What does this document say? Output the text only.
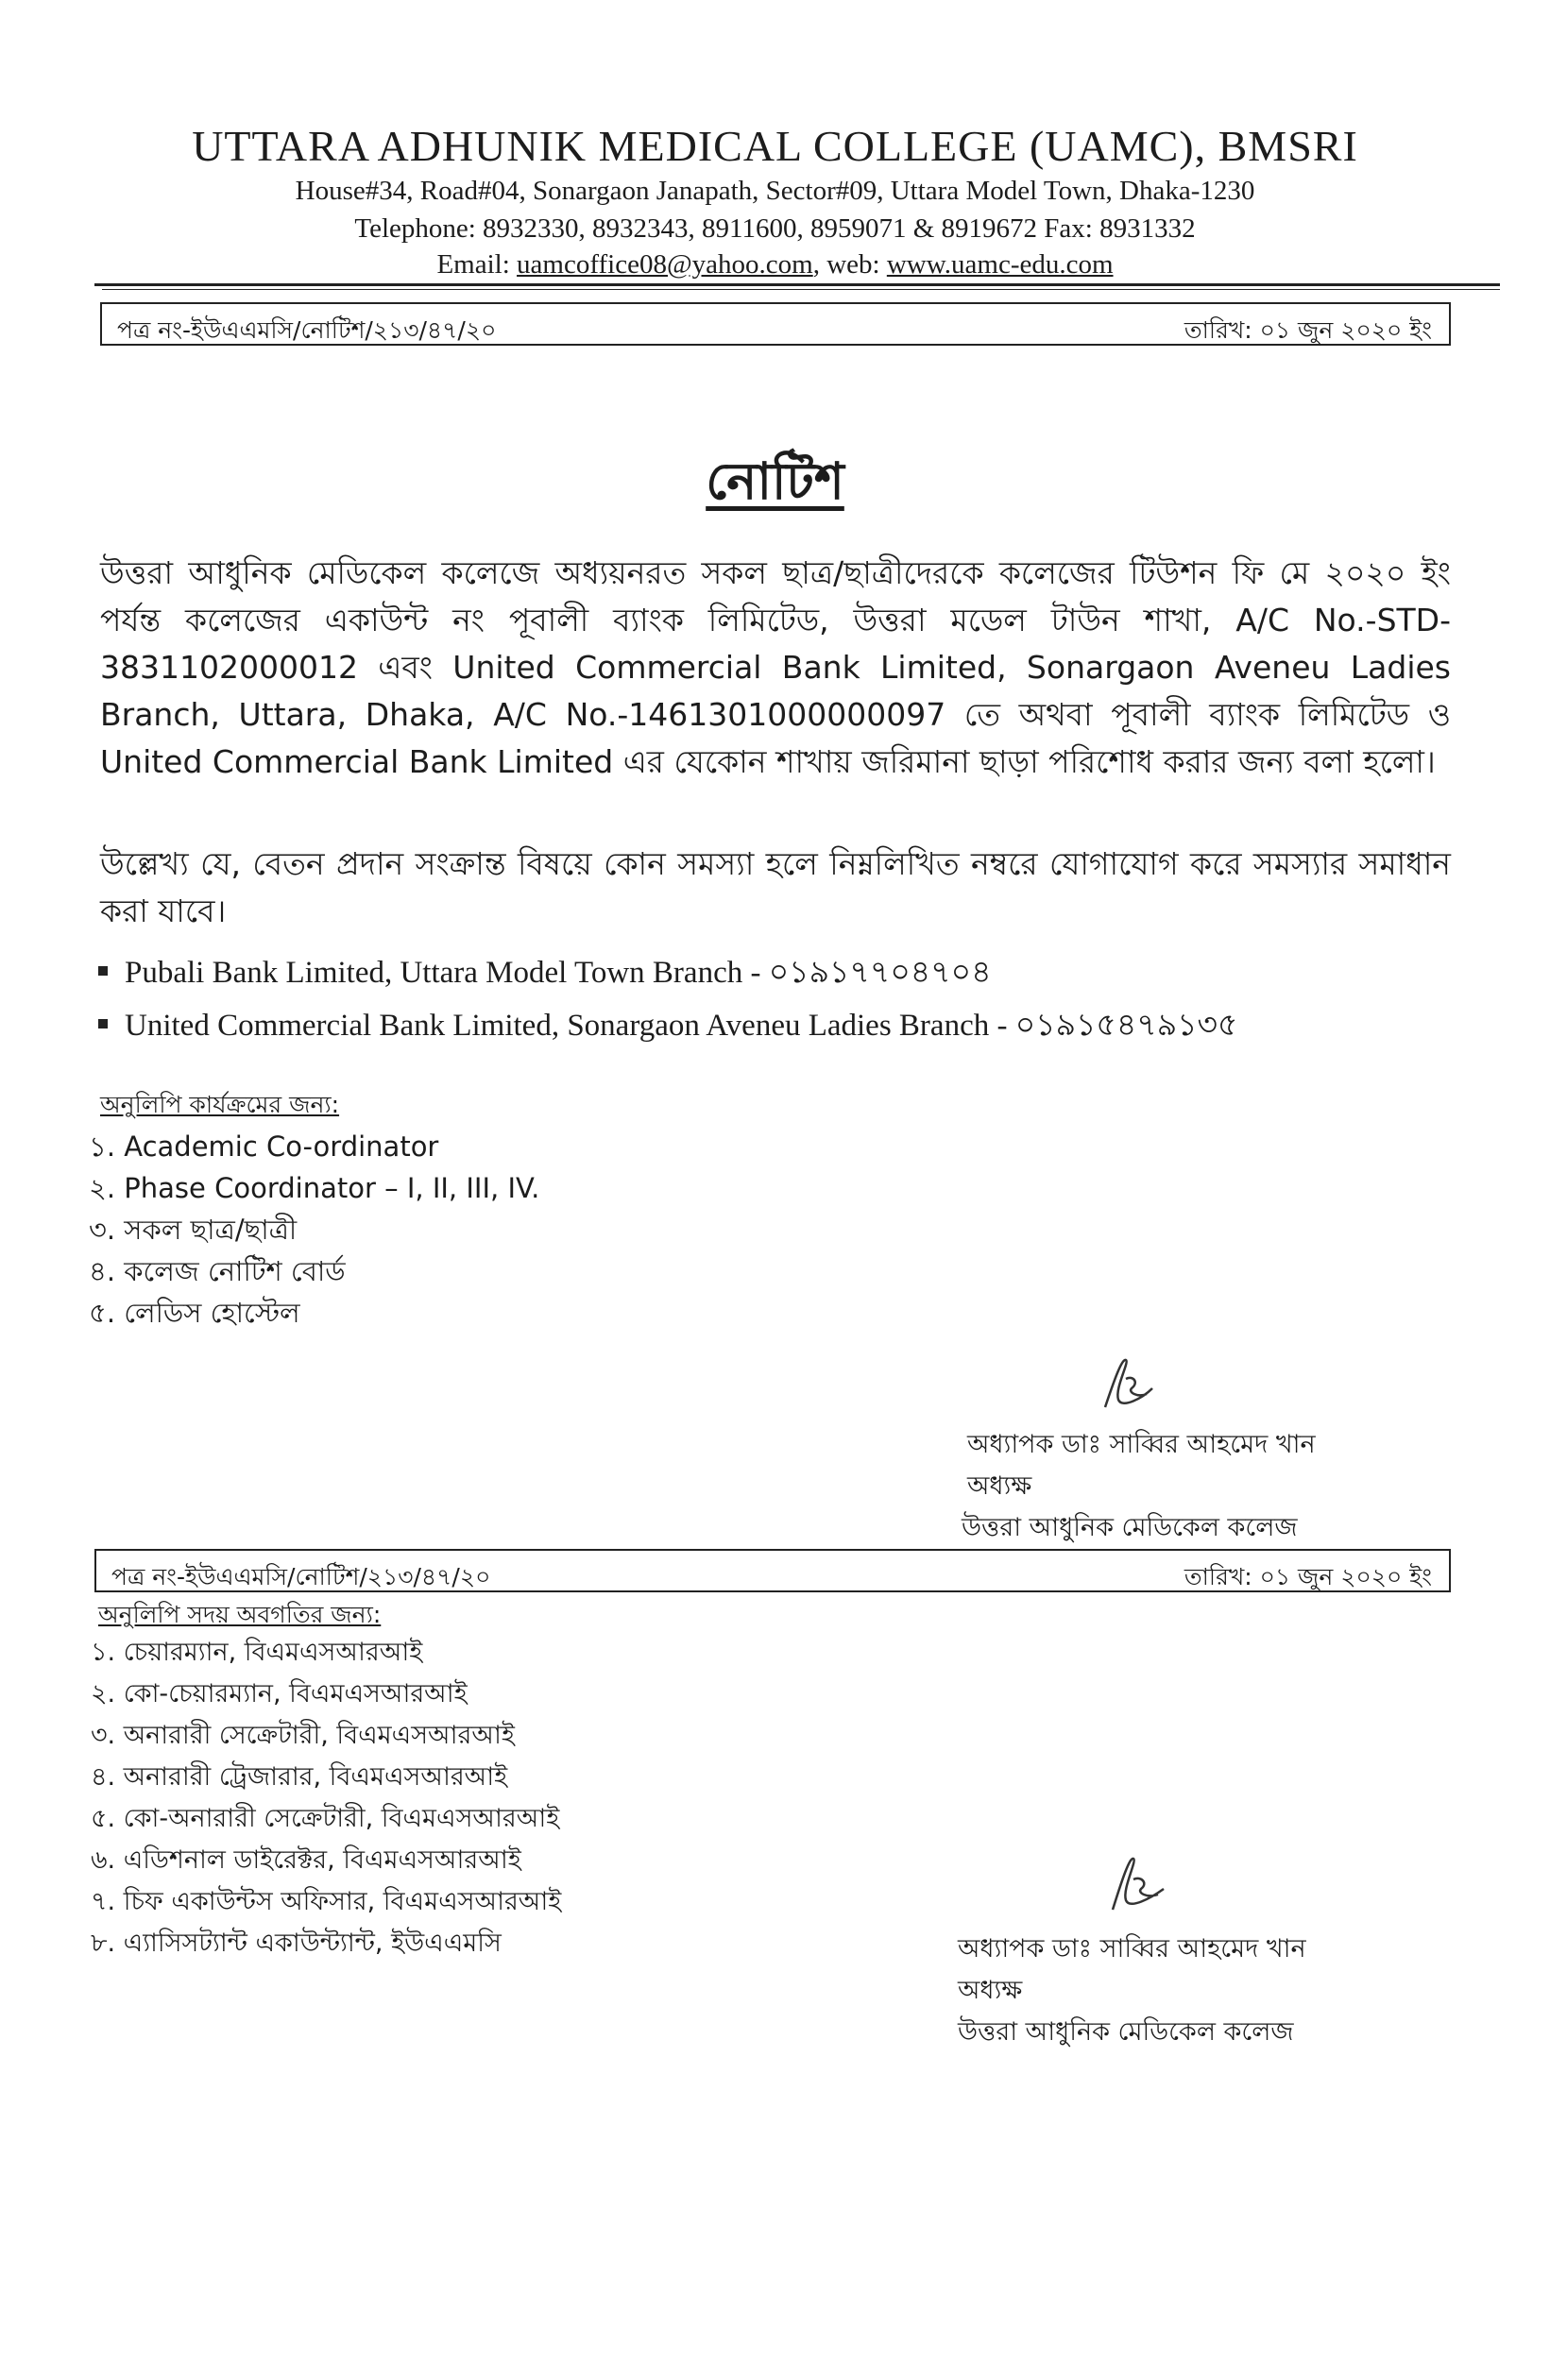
UTTARA ADHUNIK MEDICAL COLLEGE (UAMC), BMSRI
House#34, Road#04, Sonargaon Janapath, Sector#09, Uttara Model Town, Dhaka-1230
Telephone: 8932330, 8932343, 8911600, 8959071 & 8919672 Fax: 8931332
Email: uamcoffice08@yahoo.com, web: www.uamc-edu.com
পত্র নং-ইউএএমসি/নোটিশ/২১৩/৪৭/২০	তারিখ: ০১ জুন ২০২০ ইং
নোটিশ
উত্তরা আধুনিক মেডিকেল কলেজে অধ্যয়নরত সকল ছাত্র/ছাত্রীদেরকে কলেজের টিউশন ফি মে ২০২০ ইং পর্যন্ত কলেজের একাউন্ট নং পূবালী ব্যাংক লিমিটেড, উত্তরা মডেল টাউন শাখা, A/C No.-STD-3831102000012 এবং United Commercial Bank Limited, Sonargaon Aveneu Ladies Branch, Uttara, Dhaka, A/C No.-1461301000000097 তে অথবা পূবালী ব্যাংক লিমিটেড ও United Commercial Bank Limited এর যেকোন শাখায় জরিমানা ছাড়া পরিশোধ করার জন্য বলা হলো।
উল্লেখ্য যে, বেতন প্রদান সংক্রান্ত বিষয়ে কোন সমস্যা হলে নিম্নলিখিত নম্বরে যোগাযোগ করে সমস্যার সমাধান করা যাবে।
Pubali Bank Limited, Uttara Model Town Branch - ০১৯১৭৭০৪৭০৪
United Commercial Bank Limited, Sonargaon Aveneu Ladies Branch - ০১৯১৫৪৭৯১৩৫
অনুলিপি কার্যক্রমের জন্য:
১. Academic Co-ordinator
২. Phase Coordinator – I, II, III, IV.
৩. সকল ছাত্র/ছাত্রী
৪. কলেজ নোটিশ বোর্ড
৫. লেডিস হোস্টেল
অধ্যাপক ডাঃ সাব্বির আহমেদ খান
অধ্যক্ষ
উত্তরা আধুনিক মেডিকেল কলেজ
পত্র নং-ইউএএমসি/নোটিশ/২১৩/৪৭/২০	তারিখ: ০১ জুন ২০২০ ইং
অনুলিপি সদয় অবগতির জন্য:
১. চেয়ারম্যান, বিএমএসআরআই
২. কো-চেয়ারম্যান, বিএমএসআরআই
৩. অনারারী সেক্রেটারী, বিএমএসআরআই
৪. অনারারী ট্রেজারার, বিএমএসআরআই
৫. কো-অনারারী সেক্রেটারী, বিএমএসআরআই
৬. এডিশনাল ডাইরেক্টর, বিএমএসআরআই
৭. চিফ একাউন্টস অফিসার, বিএমএসআরআই
৮. এ্যাসিসট্যান্ট একাউন্ট্যান্ট, ইউএএমসি	অধ্যাপক ডাঃ সাব্বির আহমেদ খান
অধ্যক্ষ
উত্তরা আধুনিক মেডিকেল কলেজ
